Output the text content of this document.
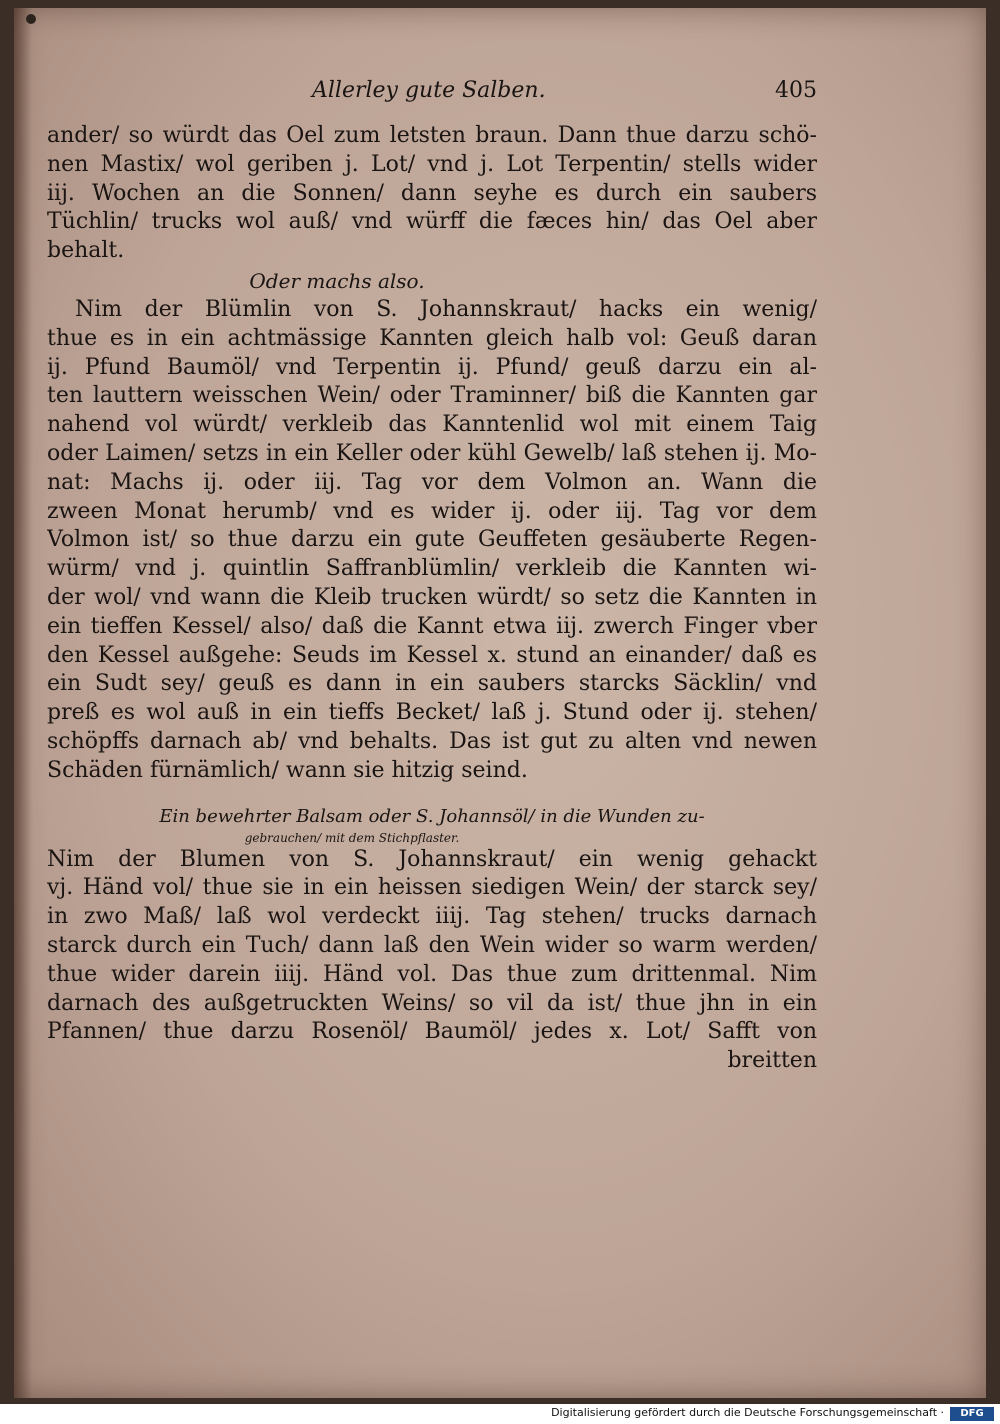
Allerley gute Salben.	405
ander/ so würdt das Oel zum letsten braun. Dann thue darzu schö-
nen Mastix/ wol geriben j. Lot/ vnd j. Lot Terpentin/ stells wider
iij. Wochen an die Sonnen/ dann seyhe es durch ein saubers
Tüchlin/ trucks wol auß/ vnd würff die fæces hin/ das Oel aber
behalt.
Oder machs also.
Nim der Blümlin von S. Johannskraut/ hacks ein wenig/
thue es in ein achtmässige Kannten gleich halb vol: Geuß daran
ij. Pfund Baumöl/ vnd Terpentin ij. Pfund/ geuß darzu ein al-
ten lauttern weisschen Wein/ oder Traminner/ biß die Kannten gar
nahend vol würdt/ verkleib das Kanntenlid wol mit einem Taig
oder Laimen/ setzs in ein Keller oder kühl Gewelb/ laß stehen ij. Mo-
nat: Machs ij. oder iij. Tag vor dem Volmon an. Wann die
zween Monat herumb/ vnd es wider ij. oder iij. Tag vor dem
Volmon ist/ so thue darzu ein gute Geuffeten gesäuberte Regen-
würm/ vnd j. quintlin Saffranblümlin/ verkleib die Kannten wi-
der wol/ vnd wann die Kleib trucken würdt/ so setz die Kannten in
ein tieffen Kessel/ also/ daß die Kannt etwa iij. zwerch Finger vber
den Kessel außgehe: Seuds im Kessel x. stund an einander/ daß es
ein Sudt sey/ geuß es dann in ein saubers starcks Säcklin/ vnd
preß es wol auß in ein tieffs Becket/ laß j. Stund oder ij. stehen/
schöpffs darnach ab/ vnd behalts. Das ist gut zu alten vnd newen
Schäden fürnämlich/ wann sie hitzig seind.
Ein bewehrter Balsam oder S. Johannsöl/ in die Wunden zu-
gebrauchen/ mit dem Stichpflaster.
Nim der Blumen von S. Johannskraut/ ein wenig gehackt
vj. Händ vol/ thue sie in ein heissen siedigen Wein/ der starck sey/
in zwo Maß/ laß wol verdeckt iiij. Tag stehen/ trucks darnach
starck durch ein Tuch/ dann laß den Wein wider so warm werden/
thue wider darein iiij. Händ vol. Das thue zum drittenmal. Nim
darnach des außgetruckten Weins/ so vil da ist/ thue jhn in ein
Pfannen/ thue darzu Rosenöl/ Baumöl/ jedes x. Lot/ Safft von
breitten
Digitalisierung gefördert durch die Deutsche Forschungsgemeinschaft ·	DFG
